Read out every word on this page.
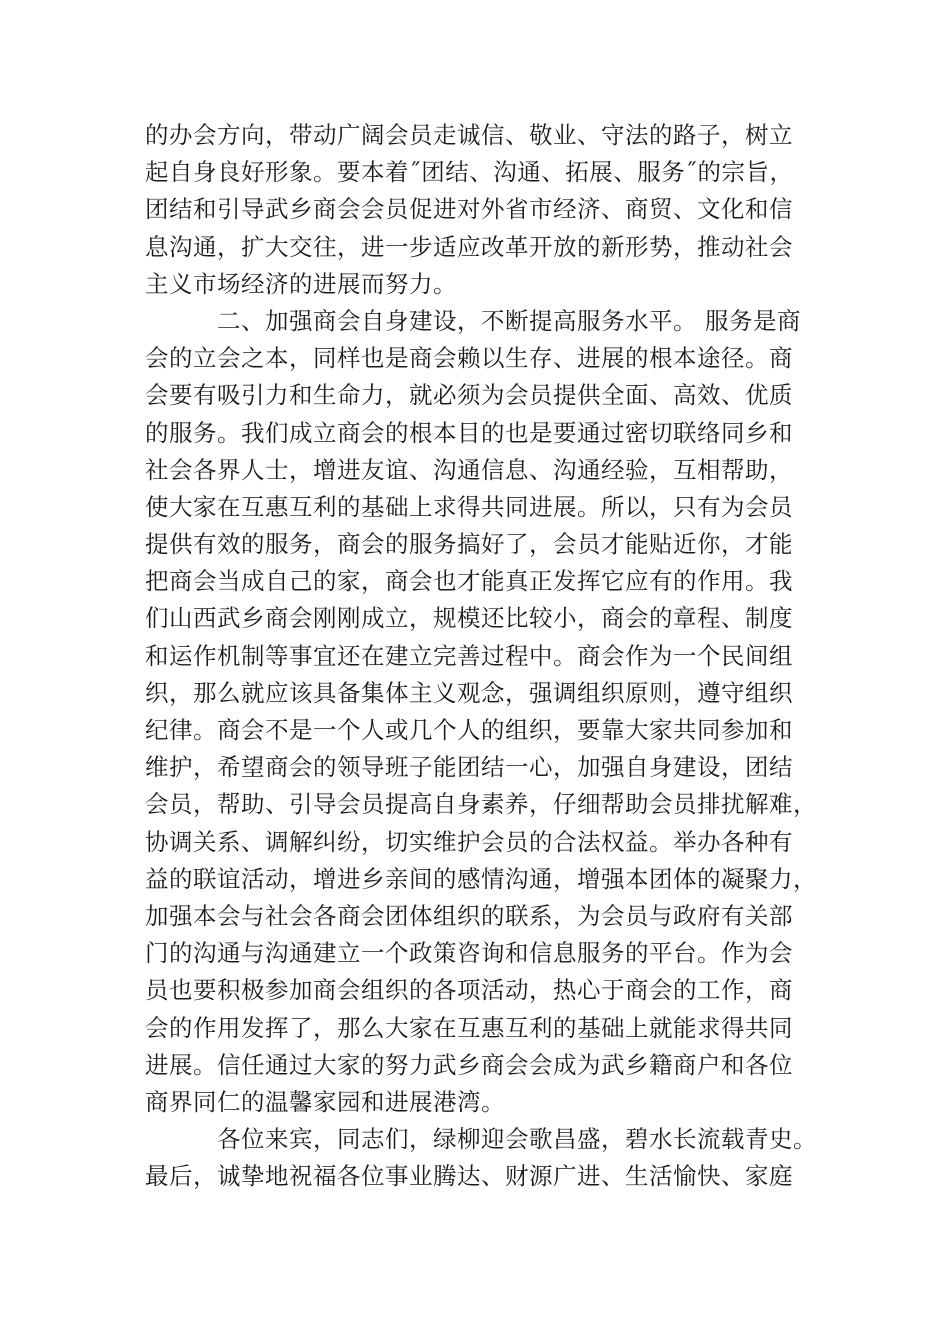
的办会方向，带动广阔会员走诚信、敬业、守法的路子，树立
起自身良好形象。要本着˝团结、沟通、拓展、服务˝的宗旨，
团结和引导武乡商会会员促进对外省市经济、商贸、文化和信
息沟通，扩大交往，进一步适应改革开放的新形势，推动社会
主义市场经济的进展而努力。
二、加强商会自身建设，不断提高服务水平。 服务是商
会的立会之本，同样也是商会赖以生存、进展的根本途径。商
会要有吸引力和生命力，就必须为会员提供全面、高效、优质
的服务。我们成立商会的根本目的也是要通过密切联络同乡和
社会各界人士，增进友谊、沟通信息、沟通经验，互相帮助，
使大家在互惠互利的基础上求得共同进展。所以，只有为会员
提供有效的服务，商会的服务搞好了，会员才能贴近你，才能
把商会当成自己的家，商会也才能真正发挥它应有的作用。我
们山西武乡商会刚刚成立，规模还比较小，商会的章程、制度
和运作机制等事宜还在建立完善过程中。商会作为一个民间组
织，那么就应该具备集体主义观念，强调组织原则，遵守组织
纪律。商会不是一个人或几个人的组织，要靠大家共同参加和
维护，希望商会的领导班子能团结一心，加强自身建设，团结
会员，帮助、引导会员提高自身素养，仔细帮助会员排扰解难，
协调关系、调解纠纷，切实维护会员的合法权益。举办各种有
益的联谊活动，增进乡亲间的感情沟通，增强本团体的凝聚力，
加强本会与社会各商会团体组织的联系，为会员与政府有关部
门的沟通与沟通建立一个政策咨询和信息服务的平台。作为会
员也要积极参加商会组织的各项活动，热心于商会的工作，商
会的作用发挥了，那么大家在互惠互利的基础上就能求得共同
进展。信任通过大家的努力武乡商会会成为武乡籍商户和各位
商界同仁的温馨家园和进展港湾。
各位来宾，同志们，绿柳迎会歌昌盛，碧水长流载青史。
最后，诚挚地祝福各位事业腾达、财源广进、生活愉快、家庭
